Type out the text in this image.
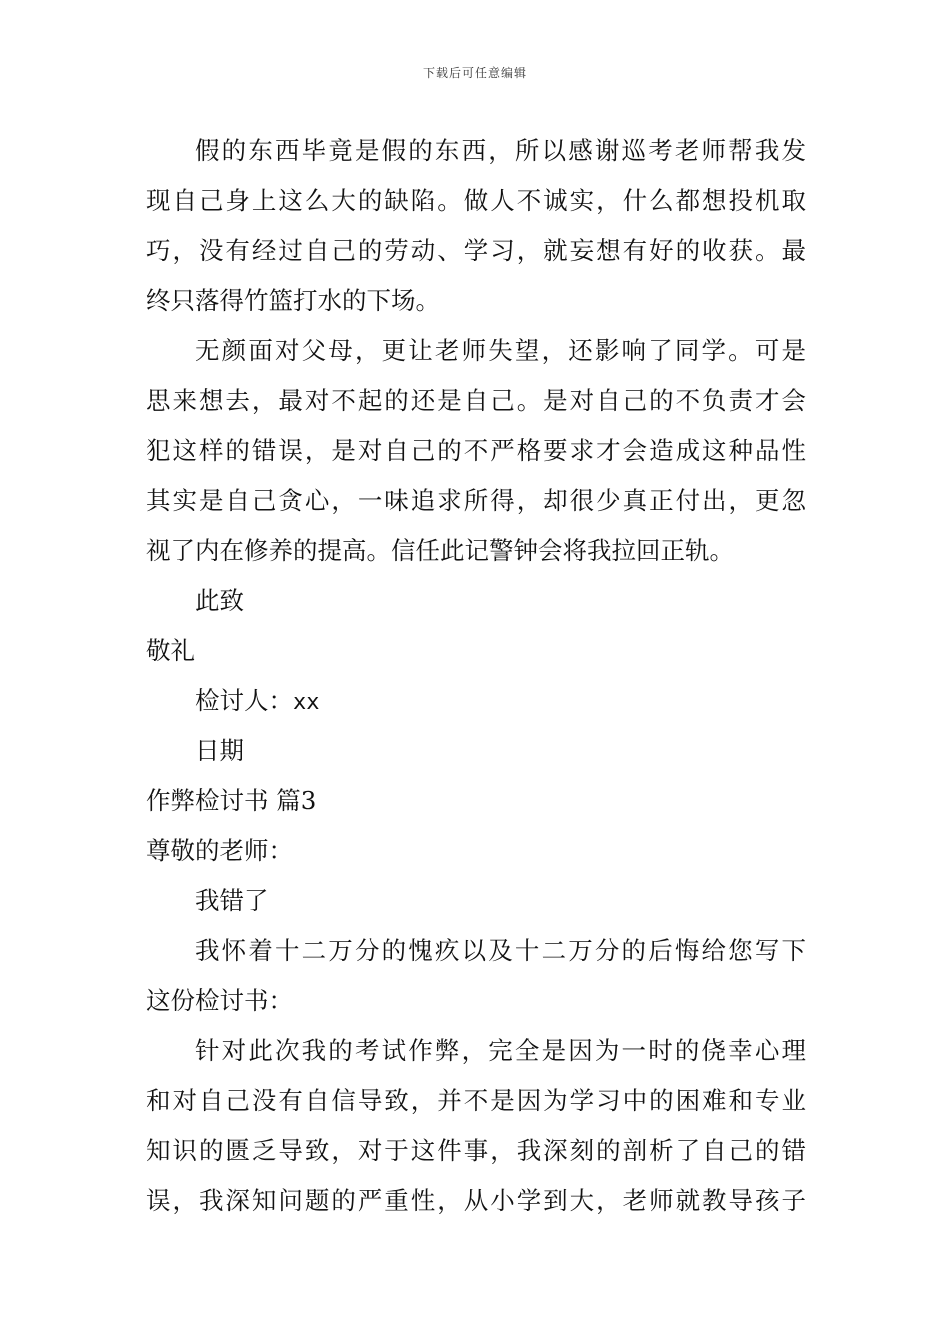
下载后可任意编辑
假的东西毕竟是假的东西，所以感谢巡考老师帮我发
现自己身上这么大的缺陷。做人不诚实，什么都想投机取
巧，没有经过自己的劳动、学习，就妄想有好的收获。最
终只落得竹篮打水的下场。
无颜面对父母，更让老师失望，还影响了同学。可是
思来想去，最对不起的还是自己。是对自己的不负责才会
犯这样的错误，是对自己的不严格要求才会造成这种品性
其实是自己贪心，一味追求所得，却很少真正付出，更忽
视了内在修养的提高。信任此记警钟会将我拉回正轨。
此致
敬礼
检讨人：xx
日期
作弊检讨书 篇3
尊敬的老师：
我错了
我怀着十二万分的愧疚以及十二万分的后悔给您写下
这份检讨书：
针对此次我的考试作弊，完全是因为一时的侥幸心理
和对自己没有自信导致，并不是因为学习中的困难和专业
知识的匮乏导致，对于这件事，我深刻的剖析了自己的错
误，我深知问题的严重性，从小学到大，老师就教导孩子
